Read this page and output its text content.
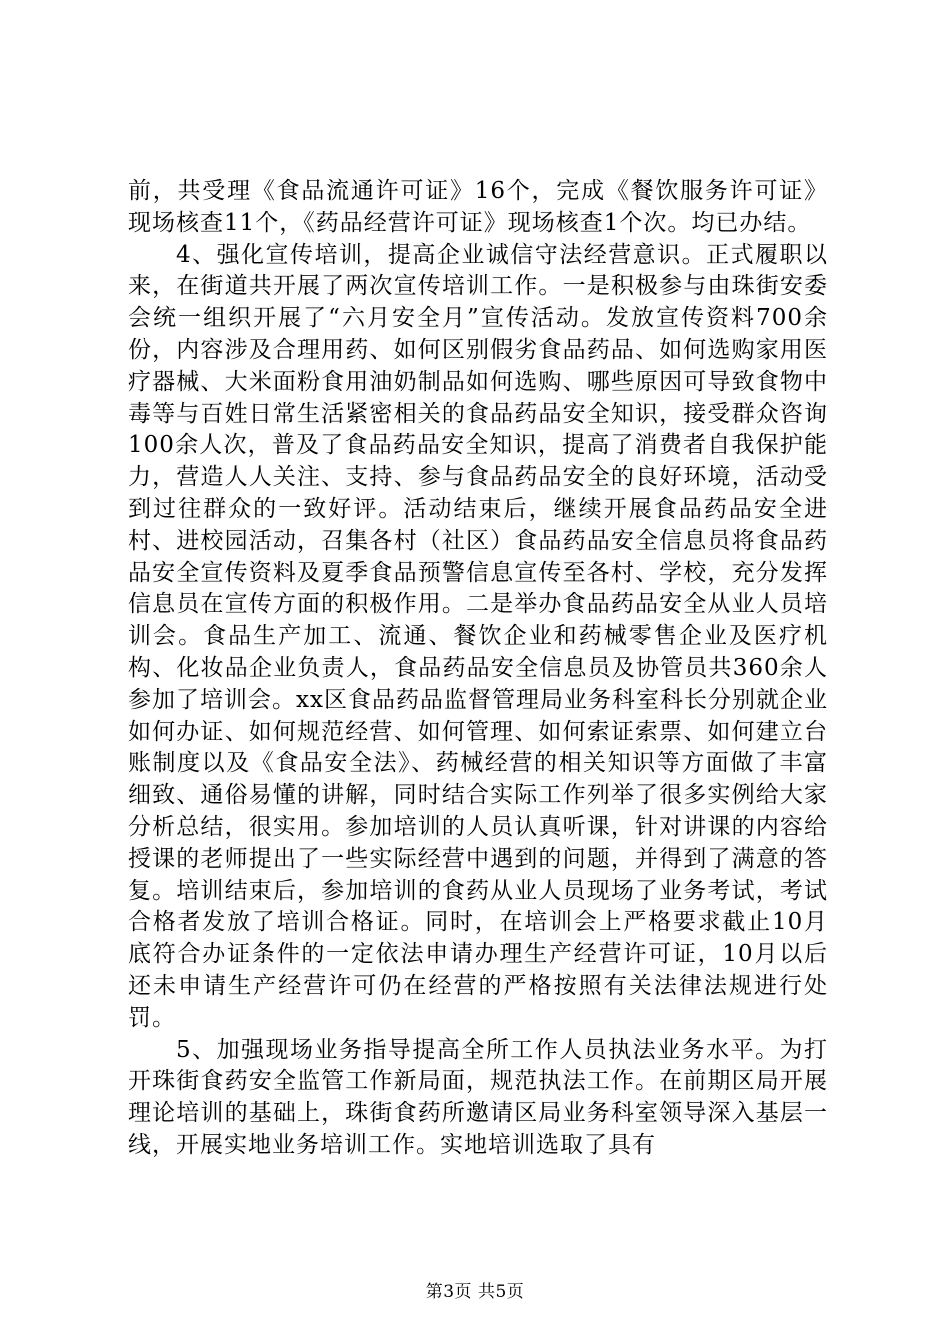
前，共受理《食品流通许可证》16个，完成《餐饮服务许可证》现场核查11个，《药品经营许可证》现场核查1个次。均已办结。

4、强化宣传培训，提高企业诚信守法经营意识。正式履职以来，在街道共开展了两次宣传培训工作。一是积极参与由珠街安委会统一组织开展了“六月安全月”宣传活动。发放宣传资料700余份，内容涉及合理用药、如何区别假劣食品药品、如何选购家用医疗器械、大米面粉食用油奶制品如何选购、哪些原因可导致食物中毒等与百姓日常生活紧密相关的食品药品安全知识，接受群众咨询100余人次，普及了食品药品安全知识，提高了消费者自我保护能力，营造人人关注、支持、参与食品药品安全的良好环境，活动受到过往群众的一致好评。活动结束后，继续开展食品药品安全进村、进校园活动，召集各村（社区）食品药品安全信息员将食品药品安全宣传资料及夏季食品预警信息宣传至各村、学校，充分发挥信息员在宣传方面的积极作用。二是举办食品药品安全从业人员培训会。食品生产加工、流通、餐饮企业和药械零售企业及医疗机构、化妆品企业负责人，食品药品安全信息员及协管员共360余人参加了培训会。xx区食品药品监督管理局业务科室科长分别就企业如何办证、如何规范经营、如何管理、如何索证索票、如何建立台账制度以及《食品安全法》、药械经营的相关知识等方面做了丰富细致、通俗易懂的讲解，同时结合实际工作列举了很多实例给大家分析总结，很实用。参加培训的人员认真听课，针对讲课的内容给授课的老师提出了一些实际经营中遇到的问题，并得到了满意的答复。培训结束后，参加培训的食药从业人员现场了业务考试，考试合格者发放了培训合格证。同时，在培训会上严格要求截止10月底符合办证条件的一定依法申请办理生产经营许可证，10月以后还未申请生产经营许可仍在经营的严格按照有关法律法规进行处罚。

5、加强现场业务指导提高全所工作人员执法业务水平。为打开珠街食药安全监管工作新局面，规范执法工作。在前期区局开展理论培训的基础上，珠街食药所邀请区局业务科室领导深入基层一线，开展实地业务培训工作。实地培训选取了具有

第3页 共5页
